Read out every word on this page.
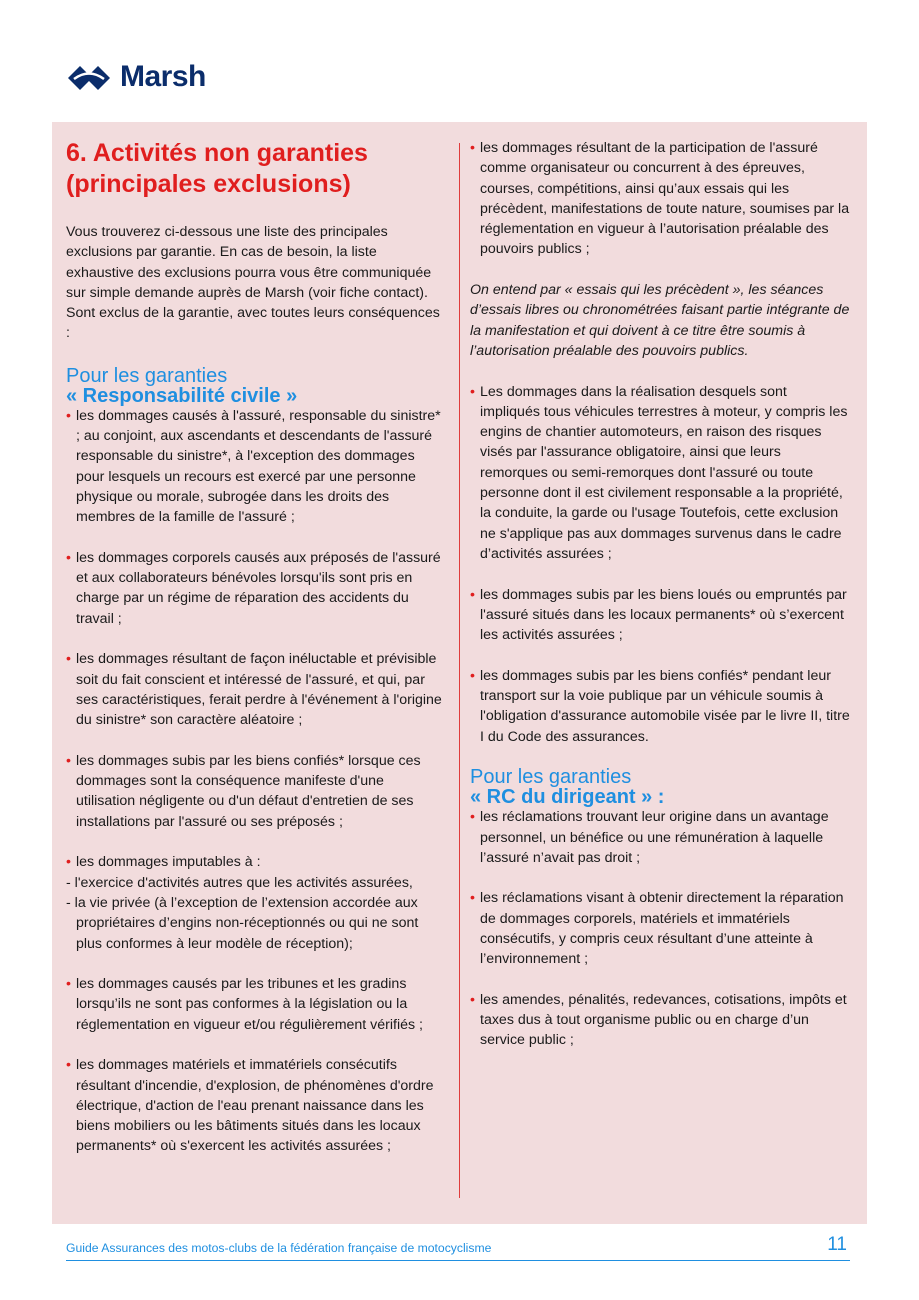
Marsh
6. Activités non garanties (principales exclusions)

Vous trouverez ci-dessous une liste des principales exclusions par garantie. En cas de besoin, la liste exhaustive des exclusions pourra vous être communiquée sur simple demande auprès de Marsh (voir fiche contact). Sont exclus de la garantie, avec toutes leurs conséquences :

Pour les garanties
« Responsabilité civile »
• les dommages causés à l'assuré, responsable du sinistre* ; au conjoint, aux ascendants et descendants de l'assuré responsable du sinistre*, à l'exception des dommages pour lesquels un recours est exercé par une personne physique ou morale, subrogée dans les droits des membres de la famille de l'assuré ;
• les dommages corporels causés aux préposés de l'assuré et aux collaborateurs bénévoles lorsqu'ils sont pris en charge par un régime de réparation des accidents du travail ;
• les dommages résultant de façon inéluctable et prévisible soit du fait conscient et intéressé de l'assuré, et qui, par ses caractéristiques, ferait perdre à l'événement à l'origine du sinistre* son caractère aléatoire ;
• les dommages subis par les biens confiés* lorsque ces dommages sont la conséquence manifeste d'une utilisation négligente ou d'un défaut d'entretien de ses installations par l'assuré ou ses préposés ;
• les dommages imputables à :
- l'exercice d'activités autres que les activités assurées,
- la vie privée (à l’exception de l’extension accordée aux propriétaires d’engins non-réceptionnés ou qui ne sont plus conformes à leur modèle de réception);
• les dommages causés par les tribunes et les gradins lorsqu’ils ne sont pas conformes à la législation ou la réglementation en vigueur et/ou régulièrement vérifiés ;
• les dommages matériels et immatériels consécutifs résultant d'incendie, d'explosion, de phénomènes d'ordre électrique, d'action de l'eau prenant naissance dans les biens mobiliers ou les bâtiments situés dans les locaux permanents* où s'exercent les activités assurées ;
• les dommages résultant de la participation de l'assuré comme organisateur ou concurrent à des épreuves, courses, compétitions, ainsi qu’aux essais qui les précèdent, manifestations de toute nature, soumises par la réglementation en vigueur à l’autorisation préalable des pouvoirs publics ;

On entend par « essais qui les précèdent », les séances d’essais libres ou chronométrées faisant partie intégrante de la manifestation et qui doivent à ce titre être soumis à l’autorisation préalable des pouvoirs publics.

• Les dommages dans la réalisation desquels sont impliqués tous véhicules terrestres à moteur, y compris les engins de chantier automoteurs, en raison des risques visés par l'assurance obligatoire, ainsi que leurs remorques ou semi-remorques dont l'assuré ou toute personne dont il est civilement responsable a la propriété, la conduite, la garde ou l'usage Toutefois, cette exclusion ne s'applique pas aux dommages survenus dans le cadre d’activités assurées ;
• les dommages subis par les biens loués ou empruntés par l'assuré situés dans les locaux permanents* où s’exercent les activités assurées ;
• les dommages subis par les biens confiés* pendant leur transport sur la voie publique par un véhicule soumis à l'obligation d'assurance automobile visée par le livre II, titre I du Code des assurances.
Pour les garanties
« RC du dirigeant » :
• les réclamations trouvant leur origine dans un avantage personnel, un bénéfice ou une rémunération à laquelle l’assuré n’avait pas droit ;
• les réclamations visant à obtenir directement la réparation de dommages corporels, matériels et immatériels consécutifs, y compris ceux résultant d’une atteinte à l’environnement ;
• les amendes, pénalités, redevances, cotisations, impôts et taxes dus à tout organisme public ou en charge d’un service public ;
Guide Assurances des motos-clubs de la fédération française de motocyclisme	11
